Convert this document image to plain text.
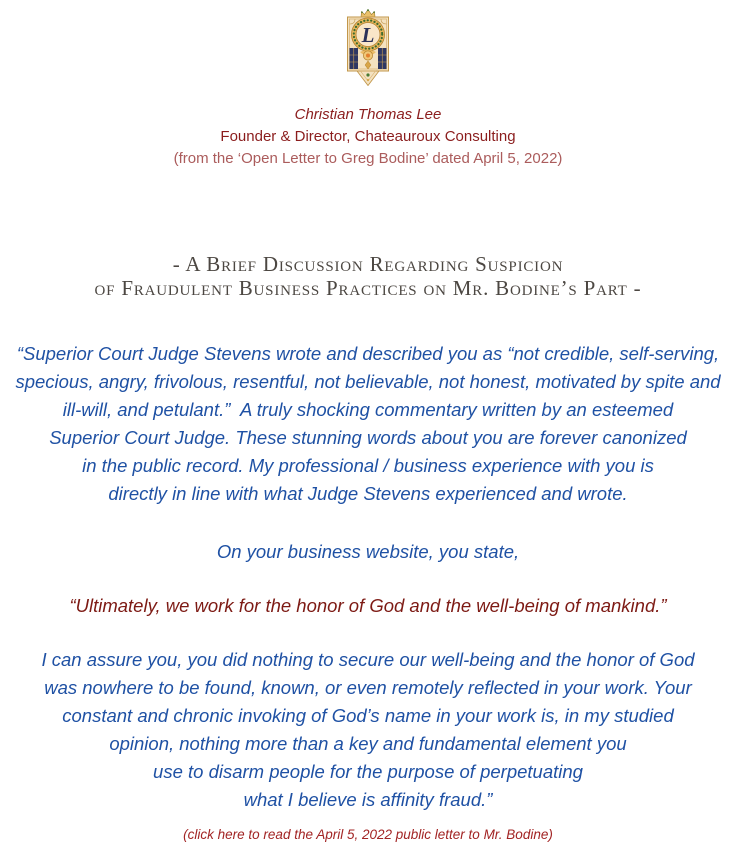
L
Christian Thomas Lee
Founder & Director, Chateauroux Consulting
(from the ‘Open Letter to Greg Bodine’ dated April 5, 2022)
- A Brief Discussion Regarding Suspicion
of Fraudulent Business Practices on Mr. Bodine’s Part -
“Superior Court Judge Stevens wrote and described you as “not credible, self-serving,
specious, angry, frivolous, resentful, not believable, not honest, motivated by spite and
ill-will, and petulant.”  A truly shocking commentary written by an esteemed
Superior Court Judge. These stunning words about you are forever canonized
in the public record. My professional / business experience with you is
directly in line with what Judge Stevens experienced and wrote.
On your business website, you state,
“Ultimately, we work for the honor of God and the well-being of mankind.”
I can assure you, you did nothing to secure our well-being and the honor of God
was nowhere to be found, known, or even remotely reflected in your work. Your
constant and chronic invoking of God’s name in your work is, in my studied
opinion, nothing more than a key and fundamental element you
use to disarm people for the purpose of perpetuating
what I believe is affinity fraud.”
(click here to read the April 5, 2022 public letter to Mr. Bodine)
